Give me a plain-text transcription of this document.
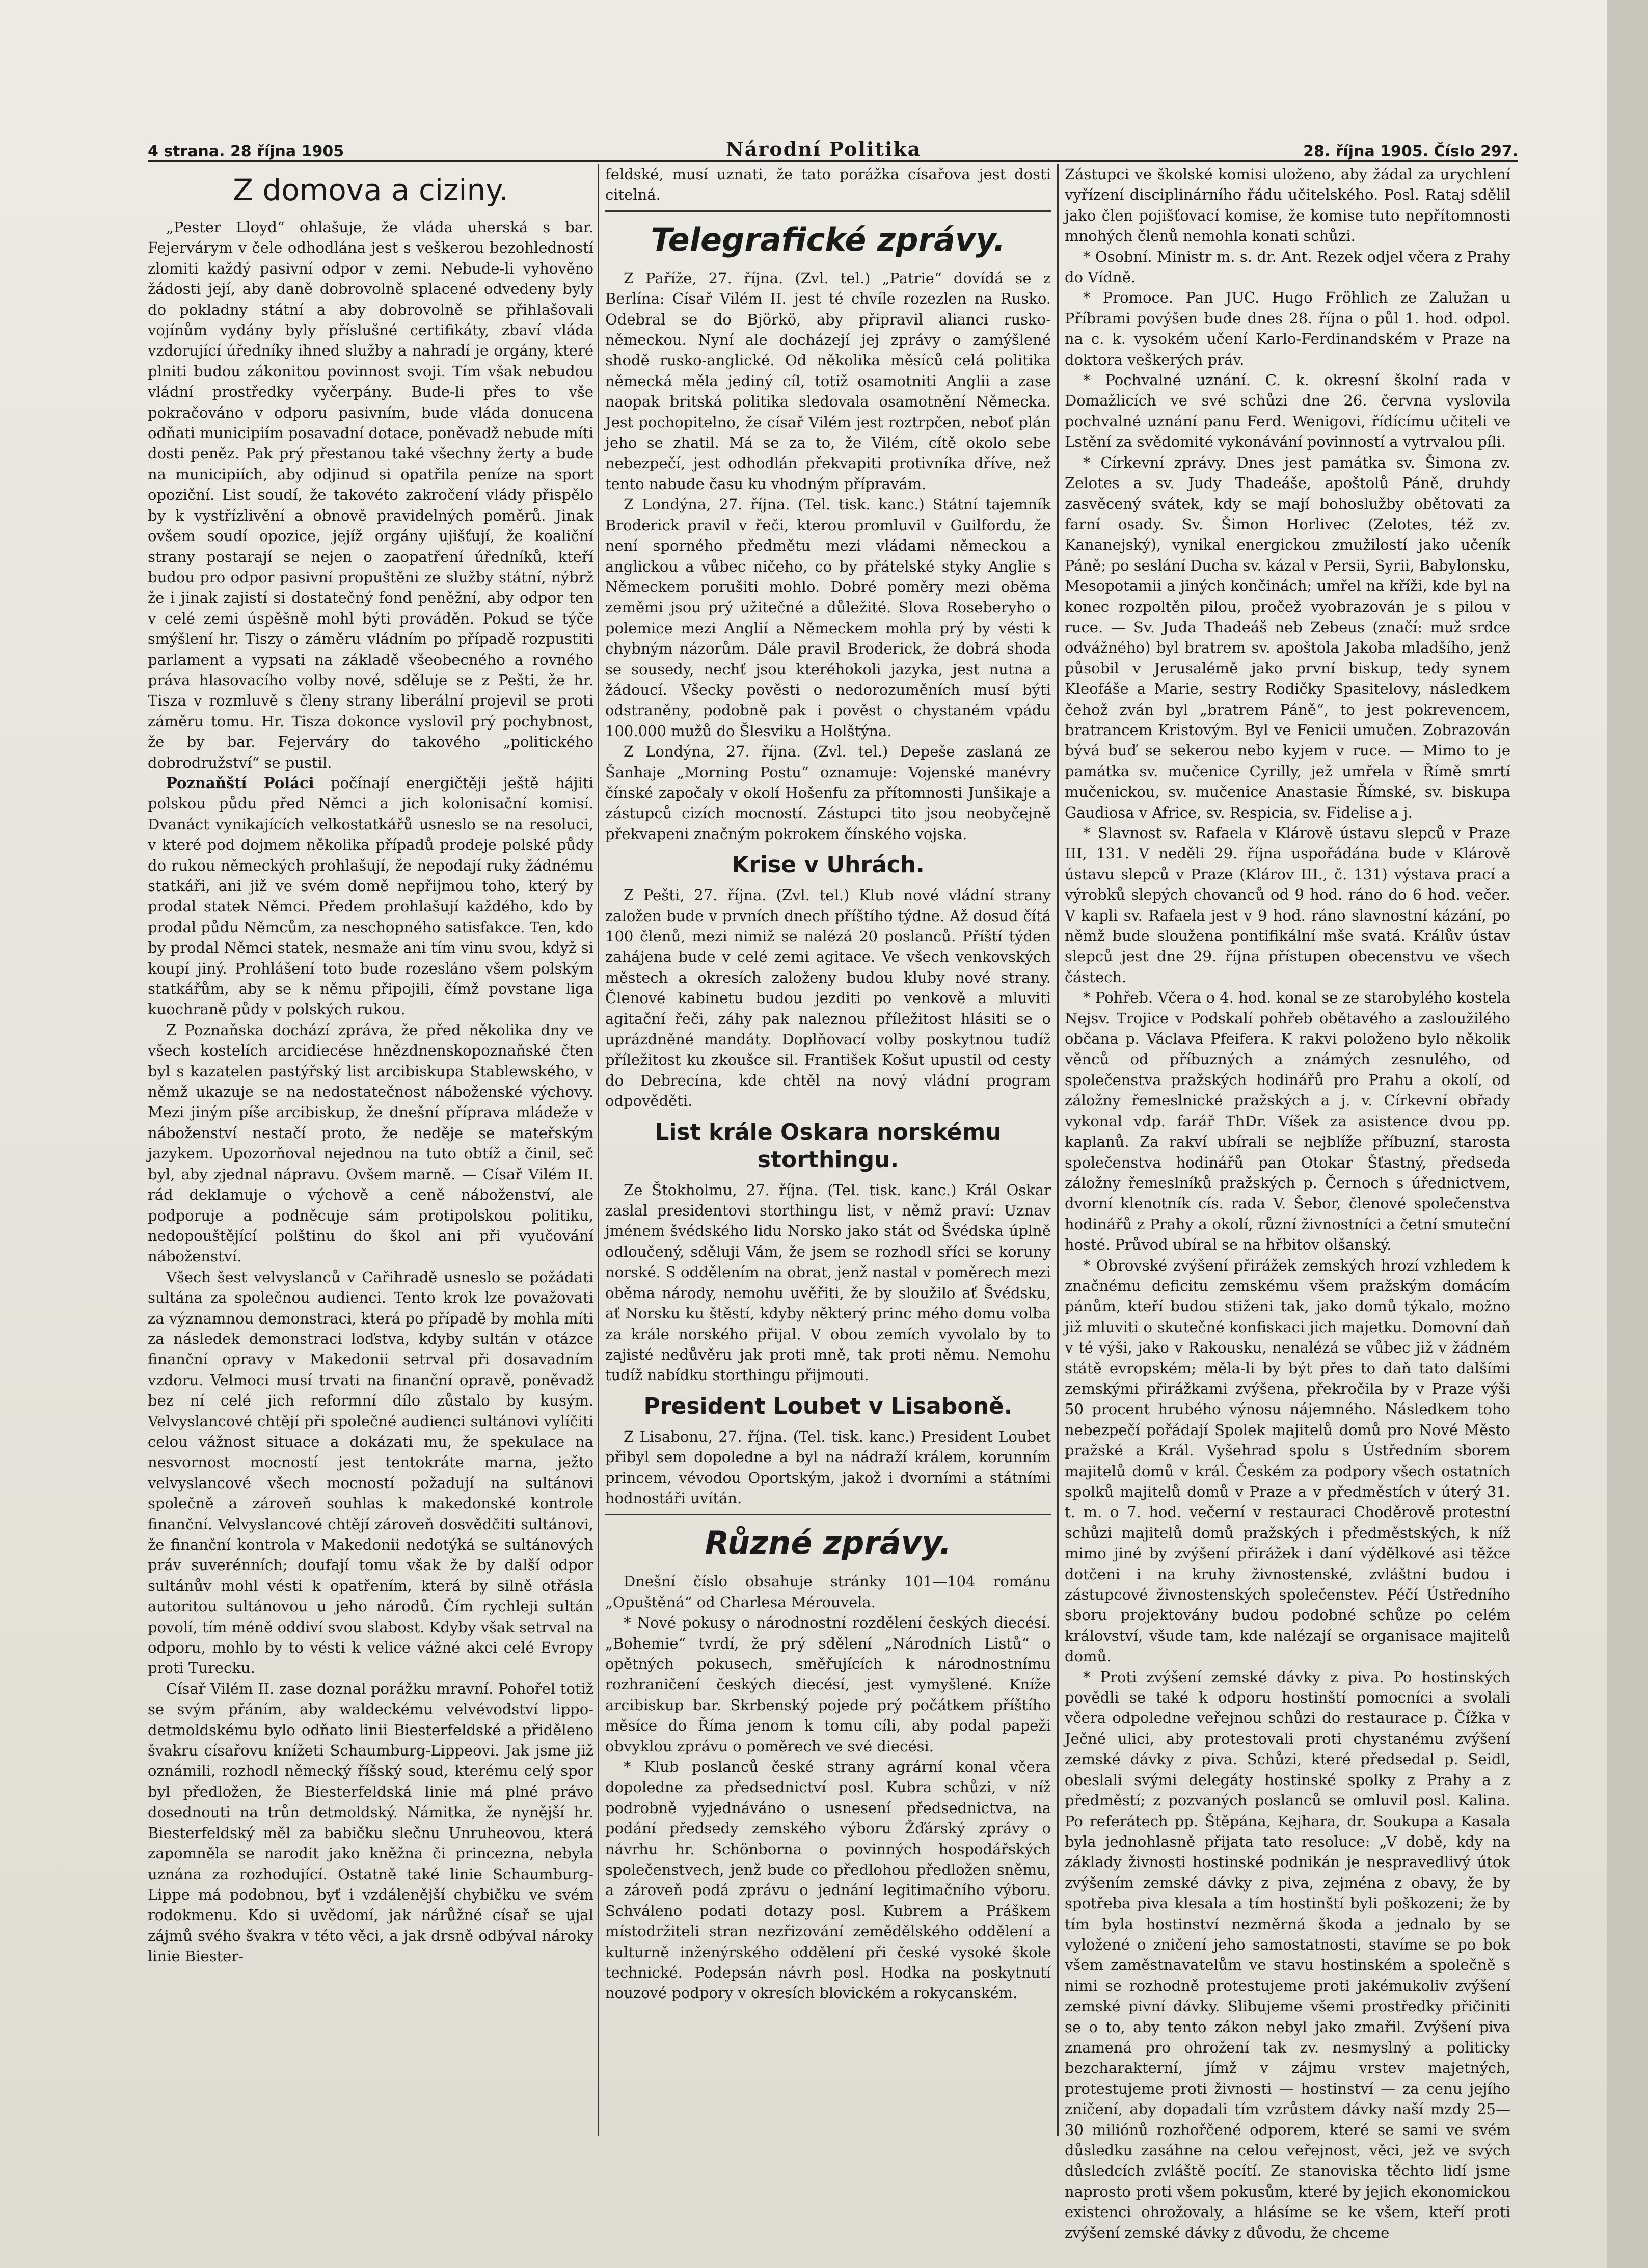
4 strana. 28 října 1905	Národní Politika	28. října 1905. Číslo 297.
Z domova a ciziny.

„Pester Lloyd“ ohlašuje, že vláda uherská s bar. Fejervárym v čele odhodlána jest s veškerou bezohledností zlomiti každý pasivní odpor v zemi. Nebude-li vyhověno žádosti její, aby daně dobrovolně splacené odvedeny byly do pokladny státní a aby dobrovolně se přihlašovali vojínům vydány byly příslušné certifikáty, zbaví vláda vzdorující úředníky ihned služby a nahradí je orgány, které plniti budou zákonitou povinnost svoji. Tím však nebudou vládní prostředky vyčerpány. Bude-li přes to vše pokračováno v odporu pasivním, bude vláda donucena odňati municipiím posavadní dotace, poněvadž nebude míti dosti peněz. Pak prý přestanou také všechny žerty a bude na municipiích, aby odjinud si opatřila peníze na sport opoziční. List soudí, že takovéto zakročení vlády přispělo by k vystřízlivění a obnově pravidelných poměrů. Jinak ovšem soudí opozice, jejíž orgány ujišťují, že koaliční strany postarají se nejen o zaopatření úředníků, kteří budou pro odpor pasivní propuštěni ze služby státní, nýbrž že i jinak zajistí si dostatečný fond peněžní, aby odpor ten v celé zemi úspěšně mohl býti prováděn. Pokud se týče smýšlení hr. Tiszy o záměru vládním po případě rozpustiti parlament a vypsati na základě všeobecného a rovného práva hlasovacího volby nové, sděluje se z Pešti, že hr. Tisza v rozmluvě s členy strany liberální projevil se proti záměru tomu. Hr. Tisza dokonce vyslovil prý pochybnost, že by bar. Fejerváry do takového „politického dobrodružství“ se pustil.

Poznaňští Poláci počínají energičtěji ještě hájiti polskou půdu před Němci a jich kolonisační komisí. Dvanáct vynikajících velkostatkářů usneslo se na resoluci, v které pod dojmem několika případů prodeje polské půdy do rukou německých prohlašují, že nepodají ruky žádnému statkáři, ani již ve svém domě nepřijmou toho, který by prodal statek Němci. Předem prohlašují každého, kdo by prodal půdu Němcům, za neschopného satisfakce. Ten, kdo by prodal Němci statek, nesmaže ani tím vinu svou, když si koupí jiný. Prohlášení toto bude rozesláno všem polským statkářům, aby se k němu připojili, čímž povstane liga kuochraně půdy v polských rukou.

Z Poznaňska dochází zpráva, že před několika dny ve všech kostelích arcidiecése hnězdnenskopoznaňské čten byl s kazatelen pastýřský list arcibiskupa Stablewského, v němž ukazuje se na nedostatečnost náboženské výchovy. Mezi jiným píše arcibiskup, že dnešní příprava mládeže v náboženství nestačí proto, že neděje se mateřským jazykem. Upozorňoval nejednou na tuto obtíž a činil, seč byl, aby zjednal nápravu. Ovšem marně. — Císař Vilém II. rád deklamuje o výchově a ceně náboženství, ale podporuje a podněcuje sám protipolskou politiku, nedopouštějící polštinu do škol ani při vyučování náboženství.

Všech šest velvyslanců v Cařihradě usneslo se požádati sultána za společnou audienci. Tento krok lze považovati za významnou demonstraci, která po případě by mohla míti za následek demonstraci loďstva, kdyby sultán v otázce finanční opravy v Makedonii setrval při dosavadním vzdoru. Velmoci musí trvati na finanční opravě, poněvadž bez ní celé jich reformní dílo zůstalo by kusým. Velvyslancové chtějí při společné audienci sultánovi vylíčiti celou vážnost situace a dokázati mu, že spekulace na nesvornost mocností jest tentokráte marna, ježto velvyslancové všech mocností požadují na sultánovi společně a zároveň souhlas k makedonské kontrole finanční. Velvyslancové chtějí zároveň dosvědčiti sultánovi, že finanční kontrola v Makedonii nedotýká se sultánových práv suverénních; doufají tomu však že by další odpor sultánův mohl vésti k opatřením, která by silně otřásla autoritou sultánovou u jeho národů. Čím rychleji sultán povolí, tím méně oddiví svou slabost. Kdyby však setrval na odporu, mohlo by to vésti k velice vážné akci celé Evropy proti Turecku.

Císař Vilém II. zase doznal porážku mravní. Pohořel totiž se svým přáním, aby waldeckému velvévodství lippo-detmoldskému bylo odňato linii Biesterfeldské a přiděleno švakru císařovu knížeti Schaumburg-Lippeovi. Jak jsme již oznámili, rozhodl německý říšský soud, kterému celý spor byl předložen, že Biesterfeldská linie má plné právo dosednouti na trůn detmoldský. Námitka, že nynější hr. Biesterfeldský měl za babičku slečnu Unruheovou, která zapomněla se narodit jako kněžna či princezna, nebyla uznána za rozhodující. Ostatně také linie Schaumburg-Lippe má podobnou, byť i vzdálenější chybičku ve svém rodokmenu. Kdo si uvědomí, jak nárůžné císař se ujal zájmů svého švakra v této věci, a jak drsně odbýval nároky linie Biester-

feldské, musí uznati, že tato porážka císařova jest dosti citelná.

Telegrafické zprávy.

Z Paříže, 27. října. (Zvl. tel.) „Patrie“ dovídá se z Berlína: Císař Vilém II. jest té chvíle rozezlen na Rusko. Odebral se do Björkö, aby připravil alianci rusko-německou. Nyní ale docházejí jej zprávy o zamýšlené shodě rusko-anglické. Od několika měsíců celá politika německá měla jediný cíl, totiž osamotniti Anglii a zase naopak britská politika sledovala osamotnění Německa. Jest pochopitelno, že císař Vilém jest roztrpčen, neboť plán jeho se zhatil. Má se za to, že Vilém, cítě okolo sebe nebezpečí, jest odhodlán překvapiti protivníka dříve, než tento nabude času ku vhodným přípravám.

Z Londýna, 27. října. (Tel. tisk. kanc.) Státní tajemník Broderick pravil v řeči, kterou promluvil v Guilfordu, že není sporného předmětu mezi vládami německou a anglickou a vůbec ničeho, co by přátelské styky Anglie s Německem porušiti mohlo. Dobré poměry mezi oběma zeměmi jsou prý užitečné a důležité. Slova Roseberyho o polemice mezi Anglií a Německem mohla prý by vésti k chybným názorům. Dále pravil Broderick, že dobrá shoda se sousedy, nechť jsou kteréhokoli jazyka, jest nutna a žádoucí. Všecky pověsti o nedorozuměních musí býti odstraněny, podobně pak i pověst o chystaném vpádu 100.000 mužů do Šlesviku a Holštýna.

Z Londýna, 27. října. (Zvl. tel.) Depeše zaslaná ze Šanhaje „Morning Postu“ oznamuje: Vojenské manévry čínské započaly v okolí Hošenfu za přítomnosti Junšikaje a zástupců cizích mocností. Zástupci tito jsou neobyčejně překvapeni značným pokrokem čínského vojska.

Krise v Uhrách.

Z Pešti, 27. října. (Zvl. tel.) Klub nové vládní strany založen bude v prvních dnech příštího týdne. Až dosud čítá 100 členů, mezi nimiž se nalézá 20 poslanců. Příští týden zahájena bude v celé zemi agitace. Ve všech venkovských městech a okresích založeny budou kluby nové strany. Členové kabinetu budou jezditi po venkově a mluviti agitační řeči, záhy pak naleznou příležitost hlásiti se o uprázdněné mandáty. Doplňovací volby poskytnou tudíž příležitost ku zkoušce sil. František Košut upustil od cesty do Debrecína, kde chtěl na nový vládní program odpověděti.

List krále Oskara norskému storthingu.

Ze Štokholmu, 27. října. (Tel. tisk. kanc.) Král Oskar zaslal presidentovi storthingu list, v němž praví: Uznav jménem švédského lidu Norsko jako stát od Švédska úplně odloučený, sděluji Vám, že jsem se rozhodl sříci se koruny norské. S oddělením na obrat, jenž nastal v poměrech mezi oběma národy, nemohu uvěřiti, že by sloužilo ať Švédsku, ať Norsku ku štěstí, kdyby některý princ mého domu volba za krále norského přijal. V obou zemích vyvolalo by to zajisté nedůvěru jak proti mně, tak proti němu. Nemohu tudíž nabídku storthingu přijmouti.

President Loubet v Lisaboně.

Z Lisabonu, 27. října. (Tel. tisk. kanc.) President Loubet přibyl sem dopoledne a byl na nádraží králem, korunním princem, vévodou Oportským, jakož i dvorními a státními hodnostáři uvítán.

Různé zprávy.

Dnešní číslo obsahuje stránky 101—104 románu „Opuštěná“ od Charlesa Mérouvela.

* Nové pokusy o národnostní rozdělení českých diecésí. „Bohemie“ tvrdí, že prý sdělení „Národních Listů“ o opětných pokusech, směřujících k národnostnímu rozhraničení českých diecésí, jest vymyšlené. Kníže arcibiskup bar. Skrbenský pojede prý počátkem příštího měsíce do Říma jenom k tomu cíli, aby podal papeži obvyklou zprávu o poměrech ve své diecési.

* Klub poslanců české strany agrární konal včera dopoledne za předsednictví posl. Kubra schůzi, v níž podrobně vyjednáváno o usnesení předsednictva, na podání předsedy zemského výboru Žďárský zprávy o návrhu hr. Schönborna o povinných hospodářských společenstvech, jenž bude co předlohou předložen sněmu, a zároveň podá zprávu o jednání legitimačního výboru. Schváleno podati dotazy posl. Kubrem a Práškem místodržiteli stran nezřizování zemědělského oddělení a kulturně inženýrského oddělení při české vysoké škole technické. Podepsán návrh posl. Hodka na poskytnutí nouzové podpory v okresích blovickém a rokycanském.

Zástupci ve školské komisi uloženo, aby žádal za urychlení vyřízení disciplinárního řádu učitelského. Posl. Rataj sdělil jako člen pojišťovací komise, že komise tuto nepřítomnosti mnohých členů nemohla konati schůzi.

* Osobní. Ministr m. s. dr. Ant. Rezek odjel včera z Prahy do Vídně.

* Promoce. Pan JUC. Hugo Fröhlich ze Zalužan u Příbrami povýšen bude dnes 28. října o půl 1. hod. odpol. na c. k. vysokém učení Karlo-Ferdinandském v Praze na doktora veškerých práv.

* Pochvalné uznání. C. k. okresní školní rada v Domažlicích ve své schůzi dne 26. června vyslovila pochvalné uznání panu Ferd. Wenigovi, řídícímu učiteli ve Lstění za svědomité vykonávání povinností a vytrvalou píli.

* Církevní zprávy. Dnes jest památka sv. Šimona zv. Zelotes a sv. Judy Thadeáše, apoštolů Páně, druhdy zasvěcený svátek, kdy se mají bohoslužby obětovati za farní osady. Sv. Šimon Horlivec (Zelotes, též zv. Kananejský), vynikal energickou zmužilostí jako učeník Páně; po seslání Ducha sv. kázal v Persii, Syrii, Babylonsku, Mesopotamii a jiných končinách; umřel na kříži, kde byl na konec rozpoltěn pilou, pročež vyobrazován je s pilou v ruce. — Sv. Juda Thadeáš neb Zebeus (značí: muž srdce odvážného) byl bratrem sv. apoštola Jakoba mladšího, jenž působil v Jerusalémě jako první biskup, tedy synem Kleofáše a Marie, sestry Rodičky Spasitelovy, následkem čehož zván byl „bratrem Páně“, to jest pokrevencem, bratrancem Kristovým. Byl ve Fenicii umučen. Zobrazován bývá buď se sekerou nebo kyjem v ruce. — Mimo to je památka sv. mučenice Cyrilly, jež umřela v Římě smrtí mučenickou, sv. mučenice Anastasie Římské, sv. biskupa Gaudiosa v Africe, sv. Respicia, sv. Fidelise a j.

* Slavnost sv. Rafaela v Klárově ústavu slepců v Praze III, 131. V neděli 29. října uspořádána bude v Klárově ústavu slepců v Praze (Klárov III., č. 131) výstava prací a výrobků slepých chovanců od 9 hod. ráno do 6 hod. večer. V kapli sv. Rafaela jest v 9 hod. ráno slavnostní kázání, po němž bude sloužena pontifikální mše svatá. Králův ústav slepců jest dne 29. října přístupen obecenstvu ve všech částech.

* Pohřeb. Včera o 4. hod. konal se ze starobylého kostela Nejsv. Trojice v Podskalí pohřeb obětavého a zasloužilého občana p. Václava Pfeifera. K rakvi položeno bylo několik věnců od příbuzných a známých zesnulého, od společenstva pražských hodinářů pro Prahu a okolí, od záložny řemeslnické pražských a j. v. Církevní obřady vykonal vdp. farář ThDr. Víšek za asistence dvou pp. kaplanů. Za rakví ubírali se nejblíže příbuzní, starosta společenstva hodinářů pan Otokar Šťastný, předseda záložny řemeslníků pražských p. Černoch s úřednictvem, dvorní klenotník cís. rada V. Šebor, členové společenstva hodinářů z Prahy a okolí, různí živnostníci a četní smuteční hosté. Průvod ubíral se na hřbitov olšanský.

* Obrovské zvýšení přirážek zemských hrozí vzhledem k značnému deficitu zemskému všem pražským domácím pánům, kteří budou stiženi tak, jako domů týkalo, možno již mluviti o skutečné konfiskaci jich majetku. Domovní daň v té výši, jako v Rakousku, nenalézá se vůbec již v žádném státě evropském; měla-li by být přes to daň tato dalšími zemskými přirážkami zvýšena, překročila by v Praze výši 50 procent hrubého výnosu nájemného. Následkem toho nebezpečí pořádají Spolek majitelů domů pro Nové Město pražské a Král. Vyšehrad spolu s Ústředním sborem majitelů domů v král. Českém za podpory všech ostatních spolků majitelů domů v Praze a v předměstích v úterý 31. t. m. o 7. hod. večerní v restauraci Choděrově protestní schůzi majitelů domů pražských i předměstských, k níž mimo jiné by zvýšení přirážek i daní výdělkové asi těžce dotčeni i na kruhy živnostenské, zvláštní budou i zástupcové živnostenských společenstev. Péčí Ústředního sboru projektovány budou podobné schůze po celém království, všude tam, kde nalézají se organisace majitelů domů.

* Proti zvýšení zemské dávky z piva. Po hostinských povědli se také k odporu hostinští pomocníci a svolali včera odpoledne veřejnou schůzi do restaurace p. Čížka v Ječné ulici, aby protestovali proti chystanému zvýšení zemské dávky z piva. Schůzi, které předsedal p. Seidl, obeslali svými delegáty hostinské spolky z Prahy a z předměstí; z pozvaných poslanců se omluvil posl. Kalina. Po referátech pp. Štěpána, Kejhara, dr. Soukupa a Kasala byla jednohlasně přijata tato resoluce: „V době, kdy na základy živnosti hostinské podnikán je nespravedlivý útok zvýšením zemské dávky z piva, zejména z obavy, že by spotřeba piva klesala a tím hostinští byli poškozeni; že by tím byla hostinství nezměrná škoda a jednalo by se vyložené o zničení jeho samostatnosti, stavíme se po bok všem zaměstnavatelům ve stavu hostinském a společně s nimi se rozhodně protestujeme proti jakémukoliv zvýšení zemské pivní dávky. Slibujeme všemi prostředky přičiniti se o to, aby tento zákon nebyl jako zmařil. Zvýšení piva znamená pro ohrožení tak zv. nesmyslný a politicky bezcharakterní, jímž v zájmu vrstev majetných, protestujeme proti živnosti — hostinství — za cenu jejího zničení, aby dopadali tím vzrůstem dávky naší mzdy 25—30 miliónů rozhořčené odporem, které se sami ve svém důsledku zasáhne na celou veřejnost, věci, jež ve svých důsledcích zvláště pocítí. Ze stanoviska těchto lidí jsme naprosto proti všem pokusům, které by jejich ekonomickou existenci ohrožovaly, a hlásíme se ke všem, kteří proti zvýšení zemské dávky z důvodu, že chceme
